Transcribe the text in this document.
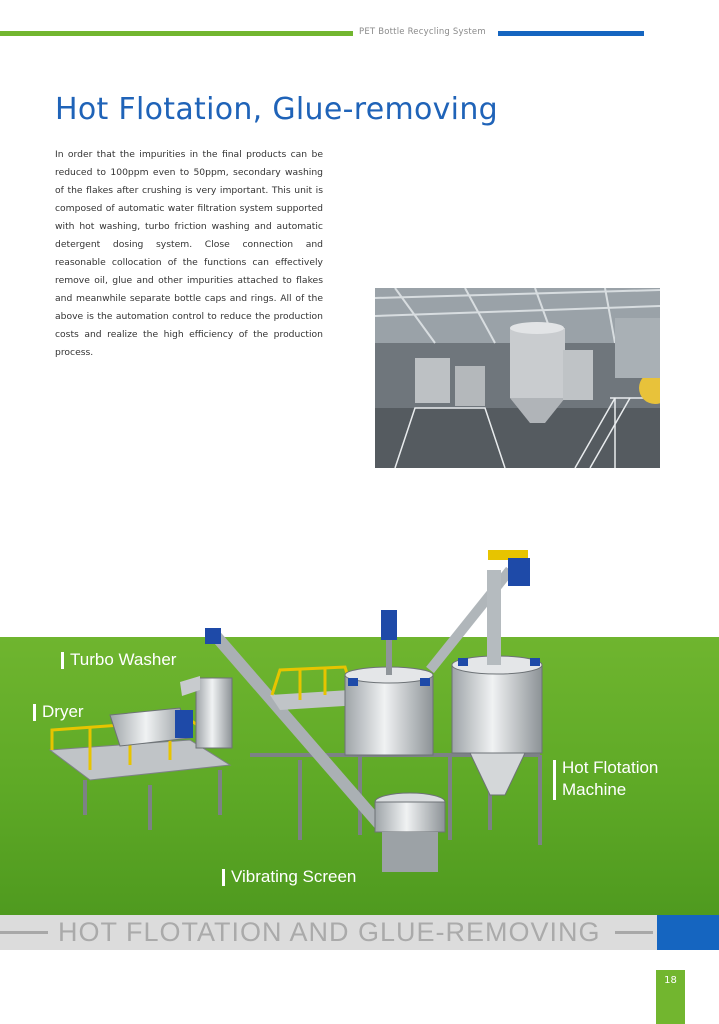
PET Bottle Recycling System
Hot Flotation, Glue-removing

In order that the impurities in the final products can be reduced to 100ppm even to 50ppm, secondary washing of the flakes after crushing is very important. This unit is composed of automatic water filtration system supported with hot washing, turbo friction washing and automatic detergent dosing system. Close connection and reasonable collocation of the functions can effectively remove oil, glue and other impurities attached to flakes and meanwhile separate bottle caps and rings. All of the above is the automation control to reduce the production costs and realize the high efficiency of the production process.

Turbo Washer
Dryer
Hot Flotation
Machine
Vibrating Screen
HOT FLOTATION AND GLUE-REMOVING
18
